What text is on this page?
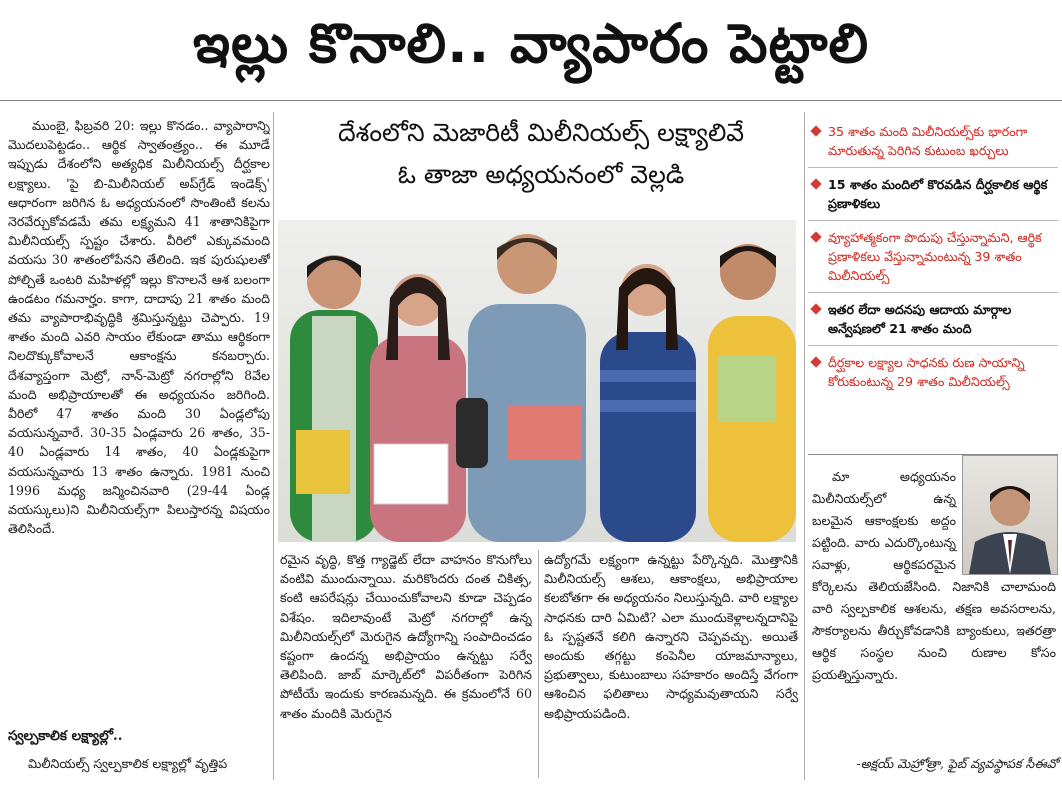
ఇల్లు కొనాలి.. వ్యాపారం పెట్టాలి

ముంబై, ఫిబ్రవరి 20: ఇల్లు కొనడం.. వ్యాపారాన్ని మొదలుపెట్టడం.. ఆర్థిక స్వాతంత్ర్యం.. ఈ మూడే ఇప్పుడు దేశంలోని అత్యధిక మిలీనియల్స్ దీర్ఘకాల లక్ష్యాలు. 'పై బి-మిలీనియల్ అప్‌గ్రేడ్ ఇండెక్స్' ఆధారంగా జరిగిన ఓ అధ్యయనంలో సొంతింటి కలను నెరవేర్చుకోవడమే తమ లక్ష్యమని 41 శాతానికిపైగా మిలీనియల్స్ స్పష్టం చేశారు. వీరిలో ఎక్కువమంది వయసు 30 శాతంలోపేనని తేలింది. ఇక పురుషులతో పోల్చితే ఒంటరి మహిళల్లో ఇల్లు కొనాలనే ఆశ బలంగా ఉండటం గమనార్హం. కాగా, దాదాపు 21 శాతం మంది తమ వ్యాపారాభివృద్ధికి శ్రమిస్తున్నట్టు చెప్పారు. 19 శాతం మంది ఎవరి సాయం లేకుండా తాము ఆర్థికంగా నిలదొక్కుకోవాలనే ఆకాంక్షను కనబర్చారు. దేశవ్యాప్తంగా మెట్రో, నాన్-మెట్రో నగరాల్లోని 8వేల మంది అభిప్రాయాలతో ఈ అధ్యయనం జరిగింది. వీరిలో 47 శాతం మంది 30 ఏండ్లలోపు వయసున్నవారే. 30-35 ఏండ్లవారు 26 శాతం, 35-40 ఏండ్లవారు 14 శాతం, 40 ఏండ్లకుపైగా వయసున్నవారు 13 శాతం ఉన్నారు. 1981 నుంచి 1996 మధ్య జన్మించినవారి (29-44 ఏండ్ల వయస్కులు)ని మిలీనియల్స్‌గా పిలుస్తారన్న విషయం తెలిసిందే.

స్వల్పకాలిక లక్ష్యాల్లో..
మిలీనియల్స్ స్వల్పకాలిక లక్ష్యాల్లో వృత్తిప
దేశంలోని మెజారిటీ మిలీనియల్స్ లక్ష్యాలివే
ఓ తాజా అధ్యయనంలో వెల్లడి
రమైన వృద్ధి, కొత్త గ్యాడ్జెట్ లేదా వాహనం కొనుగోలు వంటివి ముందున్నాయి. మరికొందరు దంత చికిత్స, కంటి ఆపరేషన్లు చేయించుకోవాలని కూడా చెప్పడం విశేషం. ఇదిలావుంటే మెట్రో నగరాల్లో ఉన్న మిలీనియల్స్‌లో మెరుగైన ఉద్యోగాన్ని సంపాదించడం కష్టంగా ఉందన్న అభిప్రాయం ఉన్నట్టు సర్వే తెలిపింది. జాబ్ మార్కెట్‌లో విపరీతంగా పెరిగిన పోటీయే ఇందుకు కారణమన్నది. ఈ క్రమంలోనే 60 శాతం మందికి మెరుగైన
ఉద్యోగమే లక్ష్యంగా ఉన్నట్టు పేర్కొన్నది. మొత్తానికి మిలీనియల్స్ ఆశలు, ఆకాంక్షలు, అభిప్రాయాల కలబోతగా ఈ అధ్యయనం నిలుస్తున్నది. వారి లక్ష్యాల సాధనకు దారి ఏమిటి? ఎలా ముందుకెళ్లాలన్నదానిపై ఓ స్పష్టతనే కలిగి ఉన్నారని చెప్పవచ్చు. అయితే అందుకు తగ్గట్టు కంపెనీల యాజమాన్యాలు, ప్రభుత్వాలు, కుటుంబాలు సహకారం అందిస్తే వేగంగా ఆశించిన ఫలితాలు సాధ్యమవుతాయని సర్వే అభిప్రాయపడింది.
35 శాతం మంది మిలీనియల్స్‌కు భారంగా మారుతున్న పెరిగిన కుటుంబ ఖర్చులు
15 శాతం మందిలో కొరవడిన దీర్ఘకాలిక ఆర్థిక ప్రణాళికలు
వ్యూహాత్మకంగా పొదుపు చేస్తున్నామని, ఆర్థిక ప్రణాళికలు వేస్తున్నామంటున్న 39 శాతం మిలీనియల్స్
ఇతర లేదా అదనపు ఆదాయ మార్గాల అన్వేషణలో 21 శాతం మంది
దీర్ఘకాల లక్ష్యాల సాధనకు రుణ సాయాన్ని కోరుకుంటున్న 29 శాతం మిలీనియల్స్
మా అధ్యయనం మిలీనియల్స్‌లో ఉన్న బలమైన ఆకాంక్షలకు అద్దం పట్టింది. వారు ఎదుర్కొంటున్న సవాళ్లు, ఆర్థికపరమైన కోర్కెలను తెలియజేసింది. నిజానికి చాలామంది వారి స్వల్పకాలిక ఆశలను, తక్షణ అవసరాలను, సౌకర్యాలను తీర్చుకోవడానికి బ్యాంకులు, ఇతరత్రా ఆర్థిక సంస్థల నుంచి రుణాల కోసం ప్రయత్నిస్తున్నారు.
-అక్షయ్ మెహ్రోత్రా, ఫైబ్ వ్యవస్థాపక సీఈవో
